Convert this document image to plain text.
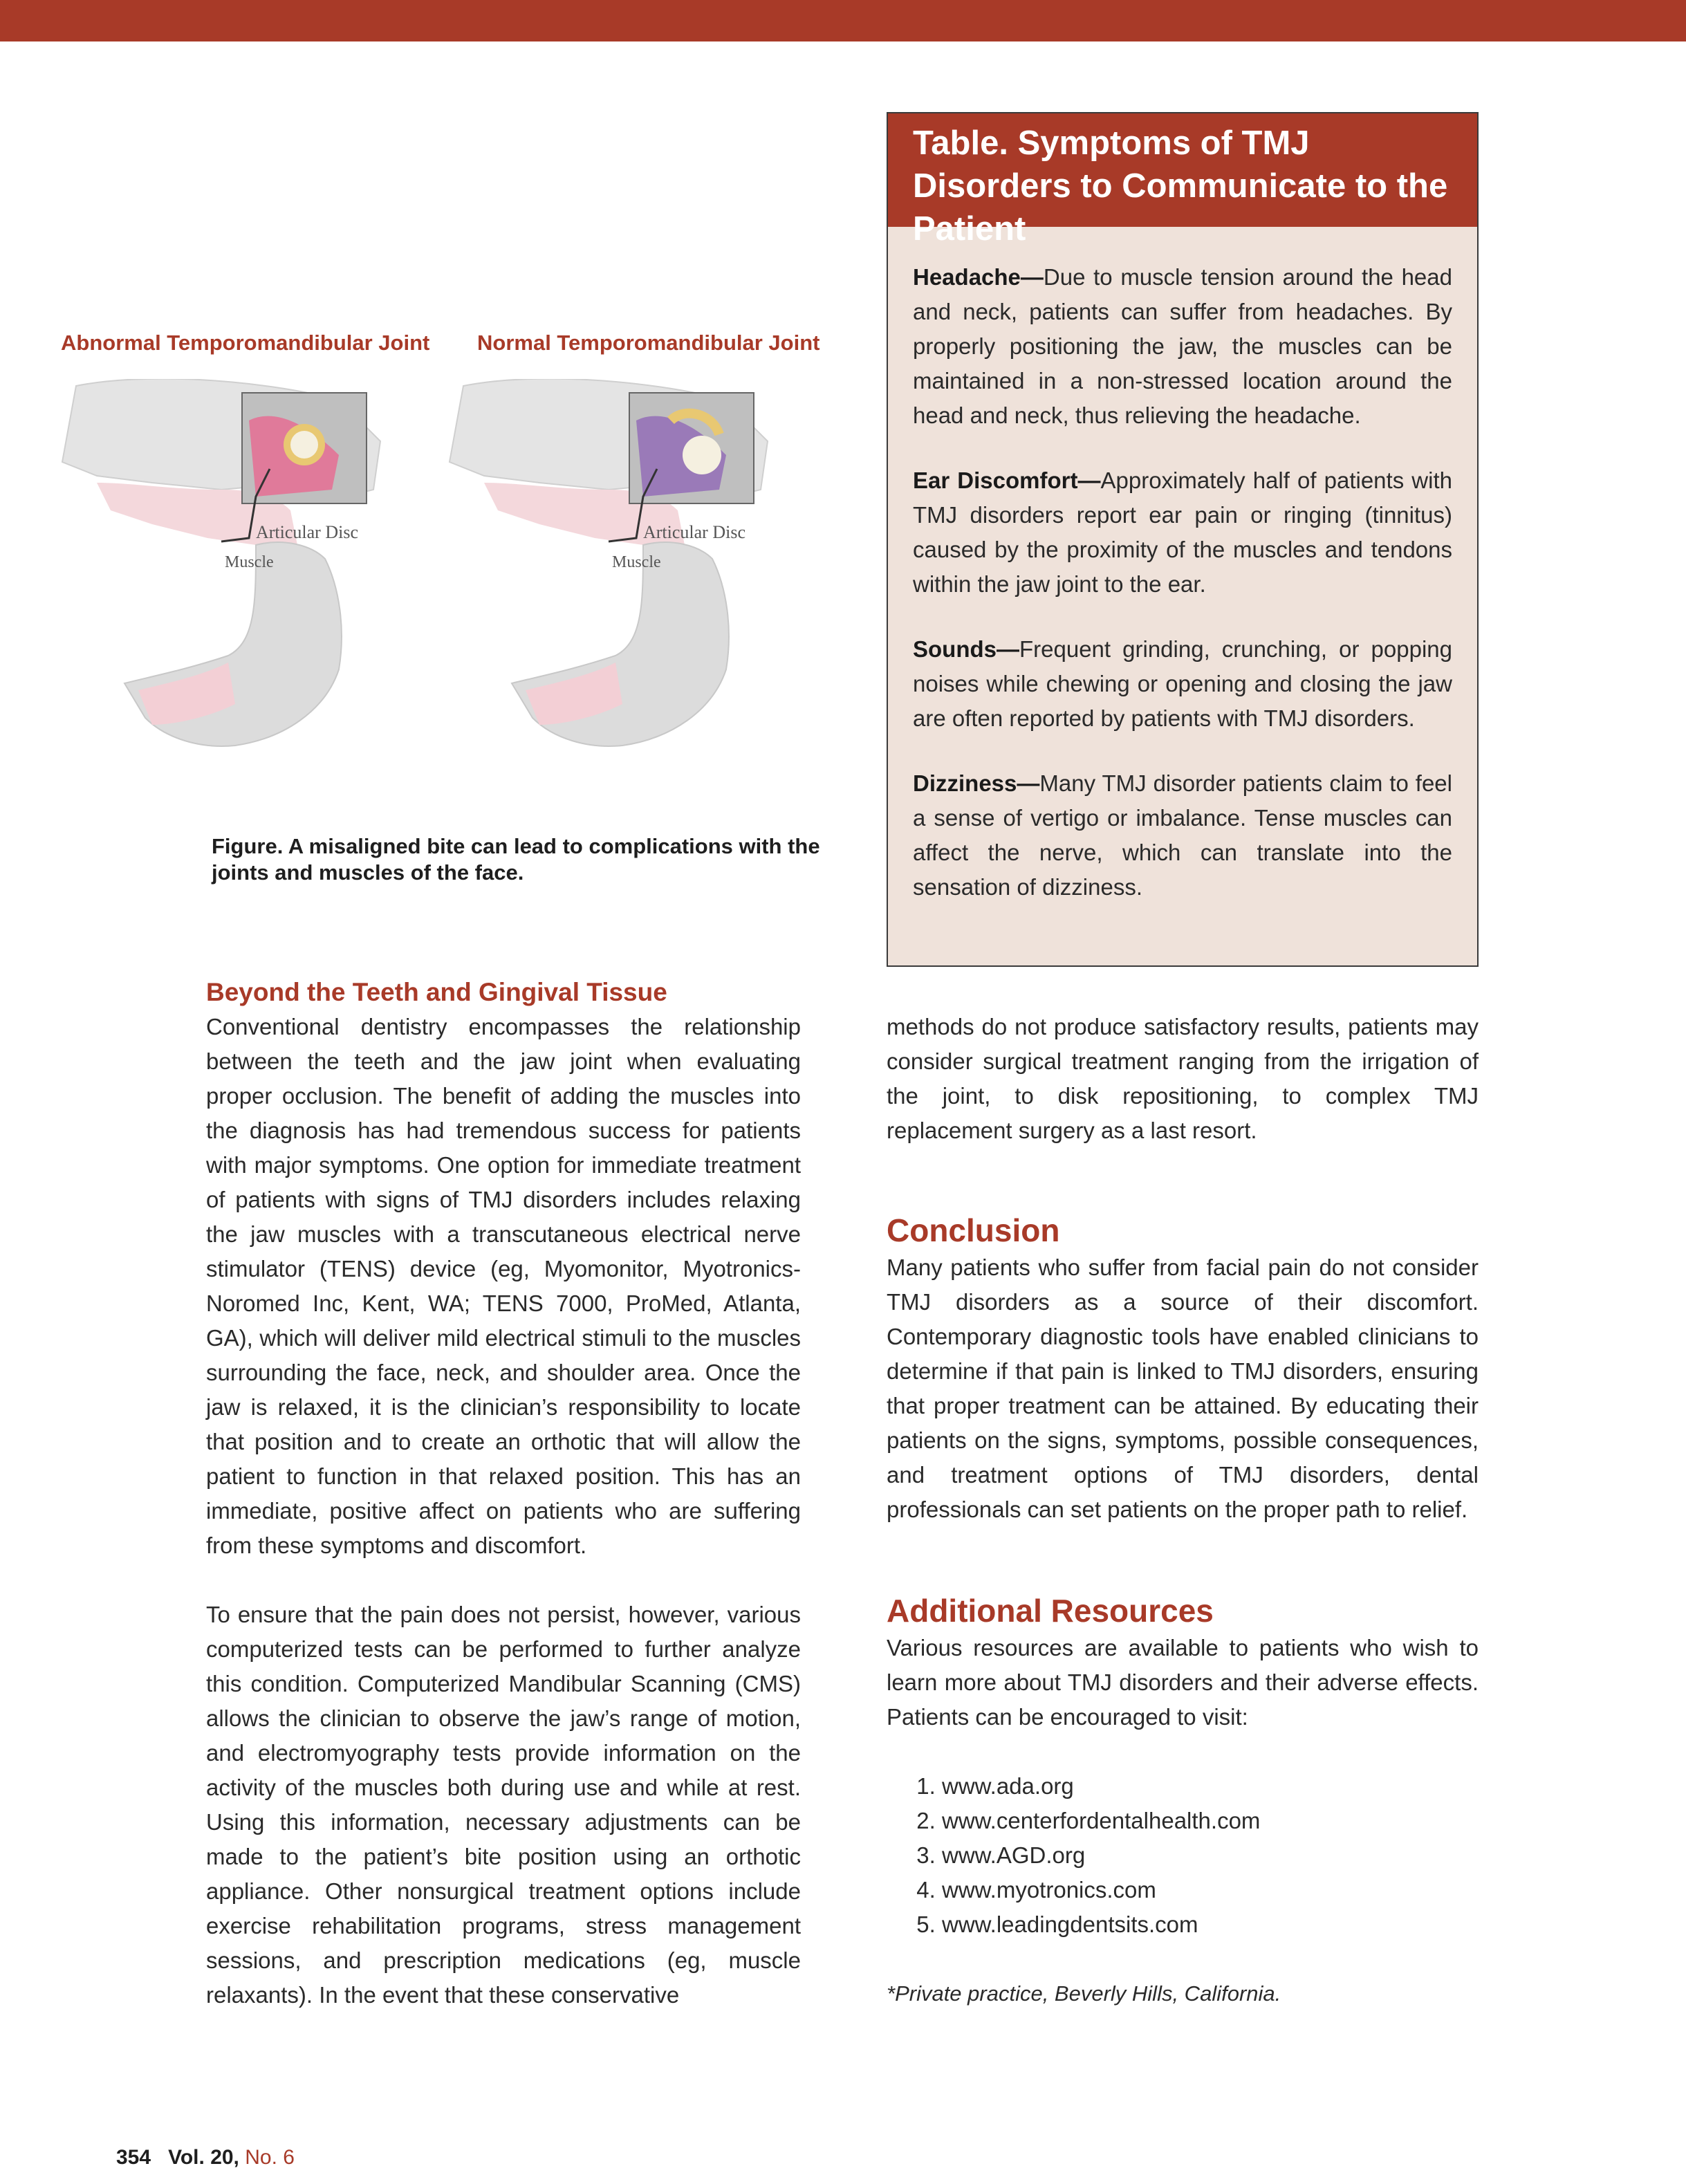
Abnormal Temporomandibular Joint Normal Temporomandibular Joint
Articular Disc
Muscle
Articular Disc
Muscle
Figure. A misaligned bite can lead to complications with the joints and muscles of the face.
Table. Symptoms of TMJ Disorders to Communicate to the Patient

Headache—Due to muscle tension around the head and neck, patients can suffer from headaches. By properly positioning the jaw, the muscles can be maintained in a non-stressed location around the head and neck, thus relieving the headache.

Ear Discomfort—Approximately half of patients with TMJ disorders report ear pain or ringing (tinnitus) caused by the proximity of the muscles and tendons within the jaw joint to the ear.

Sounds—Frequent grinding, crunching, or popping noises while chewing or opening and closing the jaw are often reported by patients with TMJ disorders.

Dizziness—Many TMJ disorder patients claim to feel a sense of vertigo or imbalance. Tense muscles can affect the nerve, which can translate into the sensation of dizziness.

Beyond the Teeth and Gingival Tissue

Conventional dentistry encompasses the relationship between the teeth and the jaw joint when evaluating proper occlusion. The benefit of adding the muscles into the diagnosis has had tremendous success for patients with major symptoms. One option for immediate treatment of patients with signs of TMJ disorders includes relaxing the jaw muscles with a transcutaneous electrical nerve stimulator (TENS) device (eg, Myomonitor, Myotronics-Noromed Inc, Kent, WA; TENS 7000, ProMed, Atlanta, GA), which will deliver mild electrical stimuli to the muscles surrounding the face, neck, and shoulder area. Once the jaw is relaxed, it is the clinician’s responsibility to locate that position and to create an orthotic that will allow the patient to function in that relaxed position. This has an immediate, positive affect on patients who are suffering from these symptoms and discomfort.

To ensure that the pain does not persist, however, various computerized tests can be performed to further analyze this condition. Computerized Mandibular Scanning (CMS) allows the clinician to observe the jaw’s range of motion, and electromyography tests provide information on the activity of the muscles both during use and while at rest. Using this information, necessary adjustments can be made to the patient’s bite position using an orthotic appliance. Other nonsurgical treatment options include exercise rehabilitation programs, stress management sessions, and prescription medications (eg, muscle relaxants). In the event that these conservative

methods do not produce satisfactory results, patients may consider surgical treatment ranging from the irrigation of the joint, to disk repositioning, to complex TMJ replacement surgery as a last resort.

Conclusion

Many patients who suffer from facial pain do not consider TMJ disorders as a source of their discomfort. Contemporary diagnostic tools have enabled clinicians to determine if that pain is linked to TMJ disorders, ensuring that proper treatment can be attained. By educating their patients on the signs, symptoms, possible consequences, and treatment options of TMJ disorders, dental professionals can set patients on the proper path to relief.

Additional Resources

Various resources are available to patients who wish to learn more about TMJ disorders and their adverse effects. Patients can be encouraged to visit:

1. www.ada.org
2. www.centerfordentalhealth.com
3. www.AGD.org
4. www.myotronics.com
5. www.leadingdentsits.com

*Private practice, Beverly Hills, California.

354 Vol. 20, No. 6
